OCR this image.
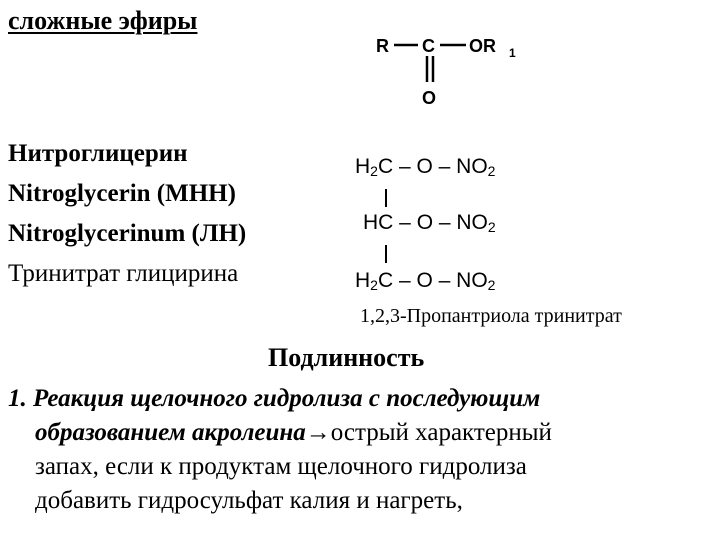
сложные эфиры
R C OR 1
O
Нитроглицерин
Nitroglycerin (МНН)
Nitroglycerinum (ЛН)
Тринитрат глицирина
$H_2C$ – O – $NO_2$
HC – O – $NO_2$
$H_2C$ – O – $NO_2$
1,2,3-Пропантриола тринитрат
Подлинность
1. Реакция щелочного гидролиза с последующим
образованием акролеина→острый характерный
запах, если к продуктам щелочного гидролиза
добавить гидросульфат калия и нагреть,
